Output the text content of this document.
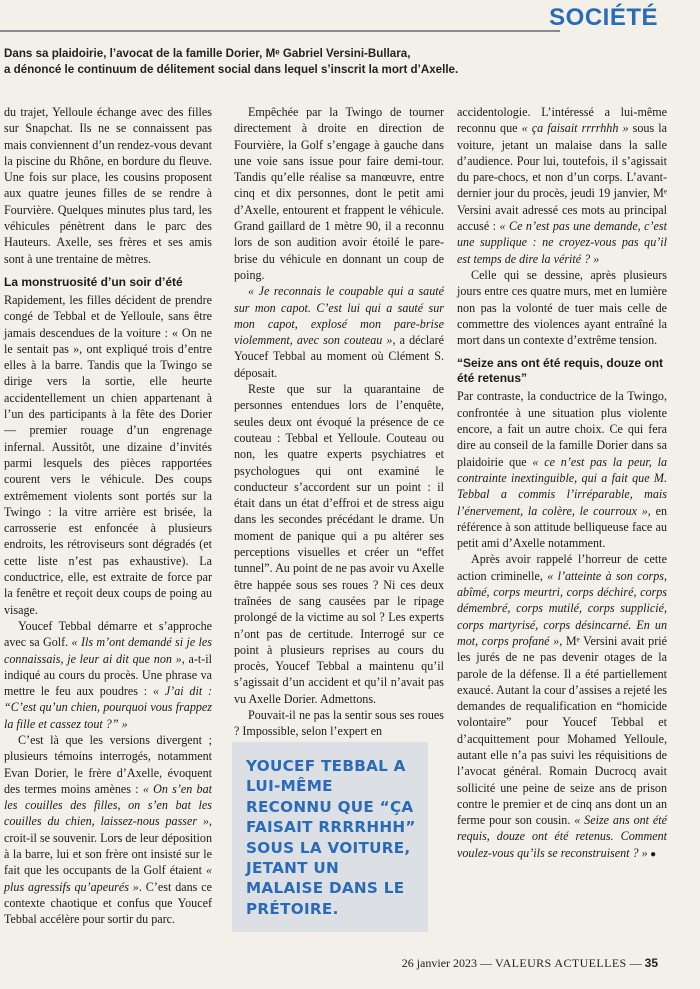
SOCIÉTÉ
Dans sa plaidoirie, l’avocat de la famille Dorier, Mᵉ Gabriel Versini-Bullara,
a dénoncé le continuum de délitement social dans lequel s’inscrit la mort d’Axelle.

du trajet, Yelloule échange avec des filles sur Snapchat. Ils ne se connaissent pas mais conviennent d’un rendez-vous devant la piscine du Rhône, en bordure du fleuve. Une fois sur place, les cousins proposent aux quatre jeunes filles de se rendre à Fourvière. Quelques minutes plus tard, les véhicules pénètrent dans le parc des Hauteurs. Axelle, ses frères et ses amis sont à une trentaine de mètres.

La monstruosité d’un soir d’été

Rapidement, les filles décident de prendre congé de Tebbal et de Yelloule, sans être jamais descendues de la voiture : « On ne le sentait pas », ont expliqué trois d’entre elles à la barre. Tandis que la Twingo se dirige vers la sortie, elle heurte accidentellement un chien appartenant à l’un des participants à la fête des Dorier — premier rouage d’un engrenage infernal. Aussitôt, une dizaine d’invités parmi lesquels des pièces rapportées courent vers le véhicule. Des coups extrêmement violents sont portés sur la Twingo : la vitre arrière est brisée, la carrosserie est enfoncée à plusieurs endroits, les rétroviseurs sont dégradés (et cette liste n’est pas exhaustive). La conductrice, elle, est extraite de force par la fenêtre et reçoit deux coups de poing au visage.

Youcef Tebbal démarre et s’approche avec sa Golf. « Ils m’ont demandé si je les connaissais, je leur ai dit que non », a-t-il indiqué au cours du procès. Une phrase va mettre le feu aux poudres : « J’ai dit : “C’est qu’un chien, pourquoi vous frappez la fille et cassez tout ?” »

C’est là que les versions divergent ; plusieurs témoins interrogés, notamment Evan Dorier, le frère d’Axelle, évoquent des termes moins amènes : « On s’en bat les couilles des filles, on s’en bat les couilles du chien, laissez-nous passer », croit-il se souvenir. Lors de leur déposition à la barre, lui et son frère ont insisté sur le fait que les occupants de la Golf étaient « plus agressifs qu’apeurés ». C’est dans ce contexte chaotique et confus que Youcef Tebbal accélère pour sortir du parc.

Empêchée par la Twingo de tourner directement à droite en direction de Fourvière, la Golf s’engage à gauche dans une voie sans issue pour faire demi-tour. Tandis qu’elle réalise sa manœuvre, entre cinq et dix personnes, dont le petit ami d’Axelle, entourent et frappent le véhicule. Grand gaillard de 1 mètre 90, il a reconnu lors de son audition avoir étoilé le pare-brise du véhicule en donnant un coup de poing.

« Je reconnais le coupable qui a sauté sur mon capot. C’est lui qui a sauté sur mon capot, explosé mon pare-brise violemment, avec son couteau », a déclaré Youcef Tebbal au moment où Clément S. déposait.

Reste que sur la quarantaine de personnes entendues lors de l’enquête, seules deux ont évoqué la présence de ce couteau : Tebbal et Yelloule. Couteau ou non, les quatre experts psychiatres et psychologues qui ont examiné le conducteur s’accordent sur un point : il était dans un état d’effroi et de stress aigu dans les secondes précédant le drame. Un moment de panique qui a pu altérer ses perceptions visuelles et créer un “effet tunnel”. Au point de ne pas avoir vu Axelle être happée sous ses roues ? Ni ces deux traînées de sang causées par le ripage prolongé de la victime au sol ? Les experts n’ont pas de certitude. Interrogé sur ce point à plusieurs reprises au cours du procès, Youcef Tebbal a maintenu qu’il s’agissait d’un accident et qu’il n’avait pas vu Axelle Dorier. Admettons.

Pouvait-il ne pas la sentir sous ses roues ? Impossible, selon l’expert en

YOUCEF TEBBAL A LUI-MÊME RECONNU QUE “ÇA FAISAIT RRRRHHH” SOUS LA VOITURE, JETANT UN MALAISE DANS LE PRÉTOIRE.

accidentologie. L’intéressé a lui-même reconnu que « ça faisait rrrrhhh » sous la voiture, jetant un malaise dans la salle d’audience. Pour lui, toutefois, il s’agissait du pare-chocs, et non d’un corps. L’avant-dernier jour du procès, jeudi 19 janvier, Mᵉ Versini avait adressé ces mots au principal accusé : « Ce n’est pas une demande, c’est une supplique : ne croyez-vous pas qu’il est temps de dire la vérité ? »

Celle qui se dessine, après plusieurs jours entre ces quatre murs, met en lumière non pas la volonté de tuer mais celle de commettre des violences ayant entraîné la mort dans un contexte d’extrême tension.

“Seize ans ont été requis, douze ont été retenus”

Par contraste, la conductrice de la Twingo, confrontée à une situation plus violente encore, a fait un autre choix. Ce qui fera dire au conseil de la famille Dorier dans sa plaidoirie que « ce n’est pas la peur, la contrainte inextinguible, qui a fait que M. Tebbal a commis l’irréparable, mais l’énervement, la colère, le courroux », en référence à son attitude belliqueuse face au petit ami d’Axelle notamment.

Après avoir rappelé l’horreur de cette action criminelle, « l’atteinte à son corps, abîmé, corps meurtri, corps déchiré, corps démembré, corps mutilé, corps supplicié, corps martyrisé, corps désincarné. En un mot, corps profané », Mᵉ Versini avait prié les jurés de ne pas devenir otages de la parole de la défense. Il a été partiellement exaucé. Autant la cour d’assises a rejeté les demandes de requalification en “homicide volontaire” pour Youcef Tebbal et d’acquittement pour Mohamed Yelloule, autant elle n’a pas suivi les réquisitions de l’avocat général. Romain Ducrocq avait sollicité une peine de seize ans de prison contre le premier et de cinq ans dont un an ferme pour son cousin. « Seize ans ont été requis, douze ont été retenus. Comment voulez-vous qu’ils se reconstruisent ? » ●

26 janvier 2023 — VALEURS ACTUELLES — 35
